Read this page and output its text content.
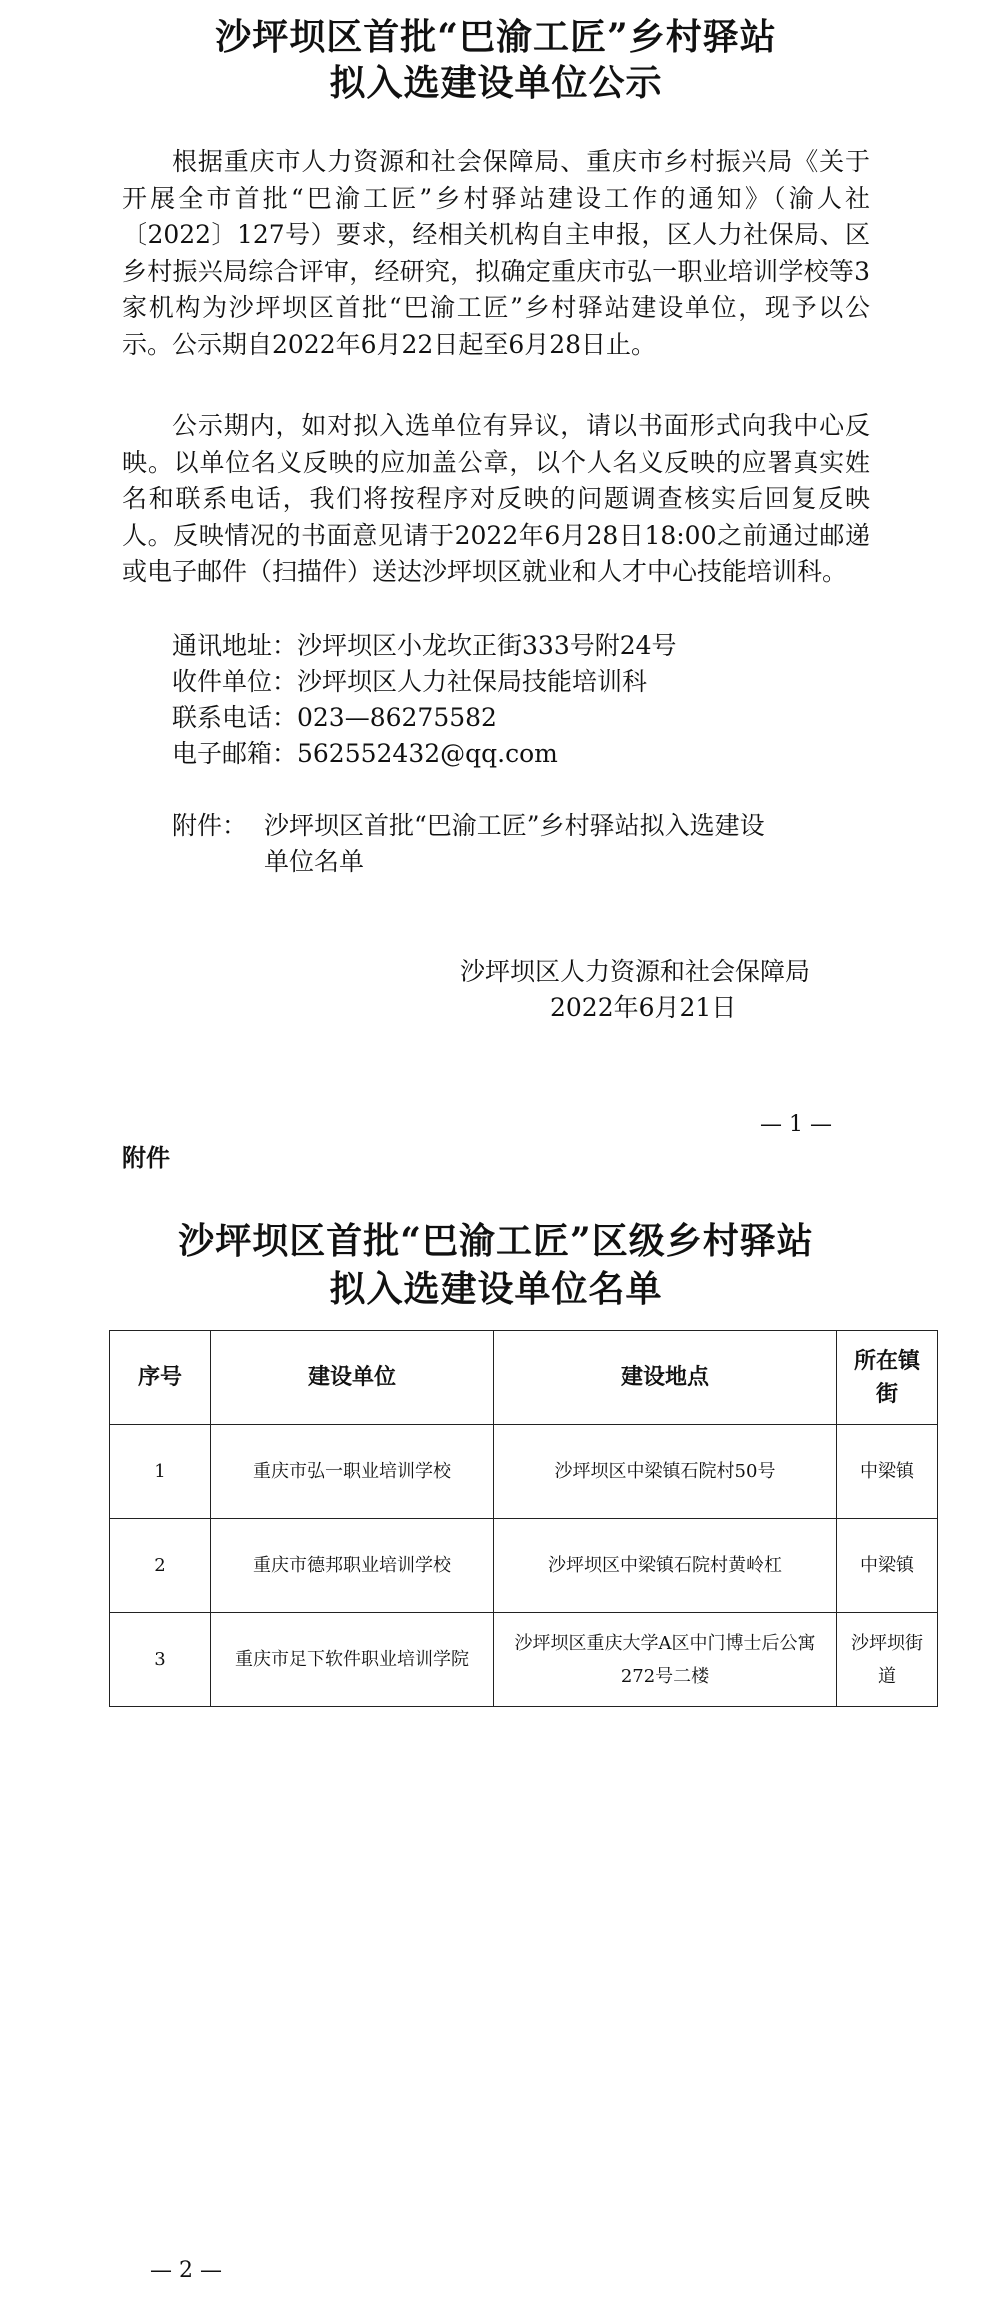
沙坪坝区首批“巴渝工匠”乡村驿站
拟入选建设单位公示

根据重庆市人力资源和社会保障局、重庆市乡村振兴局《关于开展全市首批“巴渝工匠”乡村驿站建设工作的通知》（渝人社〔2022〕127号）要求，经相关机构自主申报，区人力社保局、区乡村振兴局综合评审，经研究，拟确定重庆市弘一职业培训学校等3家机构为沙坪坝区首批“巴渝工匠”乡村驿站建设单位，现予以公示。公示期自2022年6月22日起至6月28日止。

公示期内，如对拟入选单位有异议，请以书面形式向我中心反映。以单位名义反映的应加盖公章，以个人名义反映的应署真实姓名和联系电话，我们将按程序对反映的问题调查核实后回复反映人。反映情况的书面意见请于2022年6月28日18:00之前通过邮递或电子邮件（扫描件）送达沙坪坝区就业和人才中心技能培训科。

通讯地址：沙坪坝区小龙坎正街333号附24号
收件单位：沙坪坝区人力社保局技能培训科
联系电话：023—86275582
电子邮箱：562552432@qq.com
附件： 沙坪坝区首批“巴渝工匠”乡村驿站拟入选建设
单位名单
沙坪坝区人力资源和社会保障局
2022年6月21日
— 1 —
附件
沙坪坝区首批“巴渝工匠”区级乡村驿站
拟入选建设单位名单
序号	建设单位	建设地点	所在镇街
1	重庆市弘一职业培训学校	沙坪坝区中梁镇石院村50号	中梁镇
2	重庆市德邦职业培训学校	沙坪坝区中梁镇石院村黄岭杠	中梁镇
3	重庆市足下软件职业培训学院	沙坪坝区重庆大学A区中门博士后公寓272号二楼	沙坪坝街道
— 2 —
